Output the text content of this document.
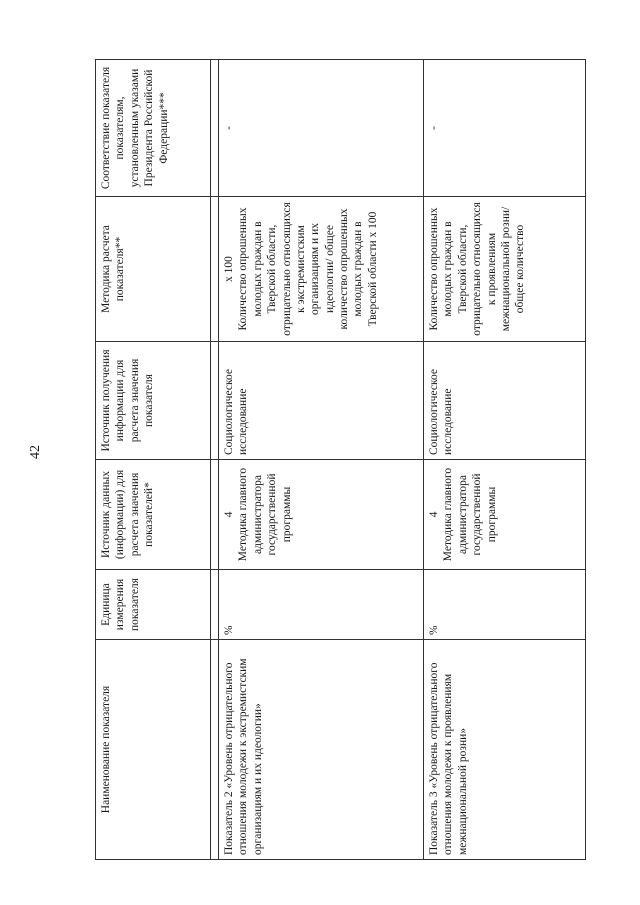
42
Наименование показателя	Единица измерения показателя	Источник данных (информации) для расчета значения показателей*	Источник получения информации для расчета значения показателя	Методика расчета показателя**	Соответствие показателя показателям, установленным указами Президента Российской Федерации***

Показатель 2 «Уровень отрицательного отношения молодежи к экстремистским организациям и их идеологии»	%	4 Методика главного администратора государственной программы	Социологическое исследование	х 100 Количество опрошенных молодых граждан в Тверской области, отрицательно относящихся к экстремистским организациям и их идеологии/ общее количество опрошенных молодых граждан в Тверской области х 100	-
Показатель 3 «Уровень отрицательного отношения молодежи к проявлениям межнациональной розни»	%	4 Методика главного администратора государственной программы	Социологическое исследование	Количество опрошенных молодых граждан в Тверской области, отрицательно относящихся к проявлениям межнациональной розни/ общее количество	-
